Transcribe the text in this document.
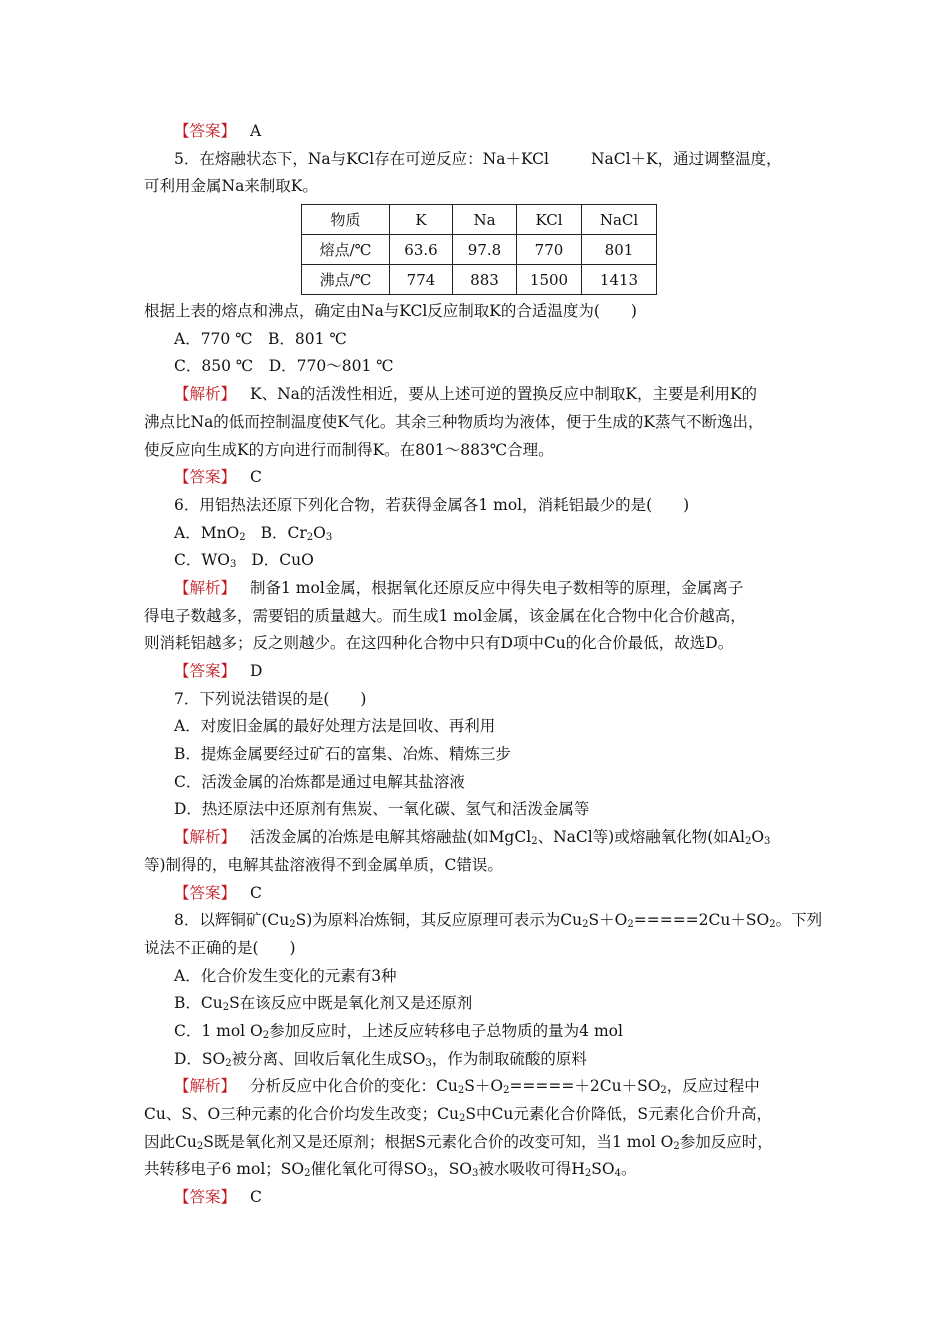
【答案】 A
5．在熔融状态下，Na与KCl存在可逆反应：Na＋KCl	NaCl＋K，通过调整温度，
可利用金属Na来制取K。
物质	K	Na	KCl	NaCl
熔点/℃	63.6	97.8	770	801
沸点/℃	774	883	1500	1413
根据上表的熔点和沸点，确定由Na与KCl反应制取K的合适温度为(　　)
A．770 ℃　B．801 ℃
C．850 ℃　D．770～801 ℃
【解析】 K、Na的活泼性相近，要从上述可逆的置换反应中制取K，主要是利用K的
沸点比Na的低而控制温度使K气化。其余三种物质均为液体，便于生成的K蒸气不断逸出，
使反应向生成K的方向进行而制得K。在801～883℃合理。
【答案】 C
6．用铝热法还原下列化合物，若获得金属各1 mol，消耗铝最少的是(　　)
A．MnO$_2$ B．$Cr_2O_3$
C．$WO_3$ D．CuO
【解析】 制备1 mol金属，根据氧化还原反应中得失电子数相等的原理，金属离子
得电子数越多，需要铝的质量越大。而生成1 mol金属，该金属在化合物中化合价越高，
则消耗铝越多；反之则越少。在这四种化合物中只有D项中Cu的化合价最低，故选D。
【答案】 D
7．下列说法错误的是(　　)
A．对废旧金属的最好处理方法是回收、再利用
B．提炼金属要经过矿石的富集、冶炼、精炼三步
C．活泼金属的冶炼都是通过电解其盐溶液
D．热还原法中还原剂有焦炭、一氧化碳、氢气和活泼金属等
【解析】 活泼金属的冶炼是电解其熔融盐(如MgCl$_2$、NaCl等)或熔融氧化物(如$Al_2O_3$
等)制得的，电解其盐溶液得不到金属单质，C错误。
【答案】 C
8．以辉铜矿$(Cu_2S)$为原料冶炼铜，其反应原理可表示为$Cu_2S+O_2=====2Cu+SO_2$。下列
说法不正确的是(　　)
A．化合价发生变化的元素有3种
B．$Cu_2S$在该反应中既是氧化剂又是还原剂
C．1 mol $O_2$参加反应时，上述反应转移电子总物质的量为4 mol
D．$SO_2$被分离、回收后氧化生成$SO_3$，作为制取硫酸的原料
【解析】 分析反应中化合价的变化：$Cu_2S+O_2=====+2Cu+SO_2$，反应过程中
Cu、S、O三种元素的化合价均发生改变；$Cu_2S$中Cu元素化合价降低，S元素化合价升高，
因此$Cu_2S$既是氧化剂又是还原剂；根据S元素化合价的改变可知，当1 mol $O_2$参加反应时，
共转移电子6 mol；$SO_2$催化氧化可得$SO_3$，$SO_3$被水吸收可得$H_2SO_4$。
【答案】 C
